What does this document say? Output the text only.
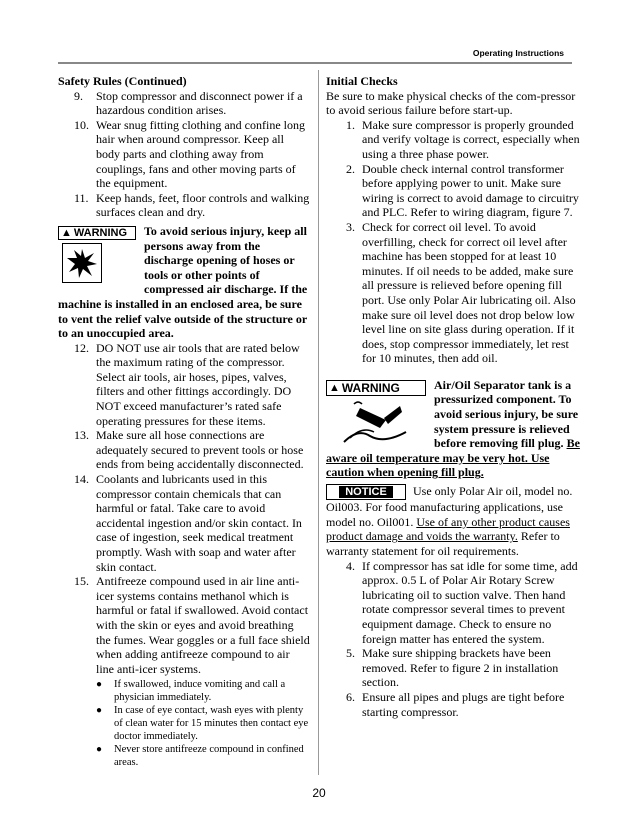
Operating Instructions
Safety Rules (Continued)
9. Stop compressor and disconnect power if a hazardous condition arises.
10. Wear snug fitting clothing and confine long hair when around compressor. Keep all body parts and clothing away from couplings, fans and other moving parts of the equipment.
11. Keep hands, feet, floor controls and walking surfaces clean and dry.
▲ WARNING To avoid serious injury, keep all persons away from the discharge opening of hoses or tools or other points of compressed air discharge. If the machine is installed in an enclosed area, be sure to vent the relief valve outside of the structure or to an unoccupied area.
12. DO NOT use air tools that are rated below the maximum rating of the compressor. Select air tools, air hoses, pipes, valves, filters and other fittings accordingly. DO NOT exceed manufacturer’s rated safe operating pressures for these items.
13. Make sure all hose connections are adequately secured to prevent tools or hose ends from being accidentally disconnected.
14. Coolants and lubricants used in this compressor contain chemicals that can harmful or fatal. Take care to avoid accidental ingestion and/or skin contact. In case of ingestion, seek medical treatment promptly. Wash with soap and water after skin contact.
15. Antifreeze compound used in air line anti-icer systems contains methanol which is harmful or fatal if swallowed. Avoid contact with the skin or eyes and avoid breathing the fumes. Wear goggles or a full face shield when adding antifreeze compound to air line anti-icer systems.
● If swallowed, induce vomiting and call a physician immediately.
● In case of eye contact, wash eyes with plenty of clean water for 15 minutes then contact eye doctor immediately.
● Never store antifreeze compound in confined areas.
Initial Checks
Be sure to make physical checks of the com-pressor to avoid serious failure before start-up.
1. Make sure compressor is properly grounded and verify voltage is correct, especially when using a three phase power.
2. Double check internal control transformer before applying power to unit. Make sure wiring is correct to avoid damage to circuitry and PLC. Refer to wiring diagram, figure 7.
3. Check for correct oil level. To avoid overfilling, check for correct oil level after machine has been stopped for at least 10 minutes. If oil needs to be added, make sure all pressure is relieved before opening fill port. Use only Polar Air lubricating oil. Also make sure oil level does not drop below low level line on site glass during operation. If it does, stop compressor immediately, let rest for 10 minutes, then add oil.
▲ WARNING	Air/Oil Separator tank is a pressurized component. To avoid serious injury, be sure system pressure is relieved before removing fill plug. Be aware oil temperature may be very hot. Use caution when opening fill plug.
NOTICE Use only Polar Air oil, model no. Oil003. For food manufacturing applications, use model no. Oil001. Use of any other product causes product damage and voids the warranty. Refer to warranty statement for oil requirements.
4. If compressor has sat idle for some time, add approx. 0.5 L of Polar Air Rotary Screw lubricating oil to suction valve. Then hand rotate compressor several times to prevent equipment damage. Check to ensure no foreign matter has entered the system.
5. Make sure shipping brackets have been removed. Refer to figure 2 in installation section.
6. Ensure all pipes and plugs are tight before starting compressor.
20
